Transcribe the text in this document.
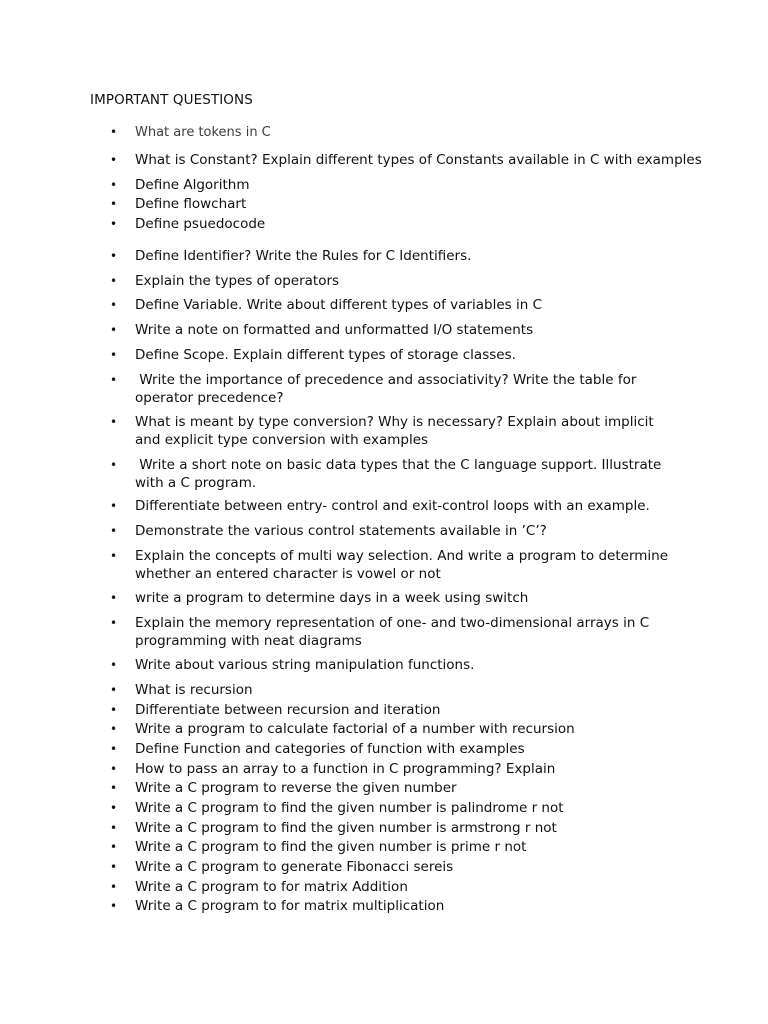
IMPORTANT QUESTIONS
• What are tokens in C
• What is Constant? Explain different types of Constants available in C with examples
• Define Algorithm
• Define flowchart
• Define psuedocode
• Define Identifier? Write the Rules for C Identifiers.
• Explain the types of operators
• Define Variable. Write about different types of variables in C
• Write a note on formatted and unformatted I/O statements
• Define Scope. Explain different types of storage classes.
• Write the importance of precedence and associativity? Write the table for operator precedence?
• What is meant by type conversion? Why is necessary? Explain about implicit and explicit type conversion with examples
• Write a short note on basic data types that the C language support. Illustrate with a C program.
• Differentiate between entry- control and exit-control loops with an example.
• Demonstrate the various control statements available in ’C’?
• Explain the concepts of multi way selection. And write a program to determine whether an entered character is vowel or not
• write a program to determine days in a week using switch
• Explain the memory representation of one- and two-dimensional arrays in C programming with neat diagrams
• Write about various string manipulation functions.
• What is recursion
• Differentiate between recursion and iteration
• Write a program to calculate factorial of a number with recursion
• Define Function and categories of function with examples
• How to pass an array to a function in C programming? Explain
• Write a C program to reverse the given number
• Write a C program to find the given number is palindrome r not
• Write a C program to find the given number is armstrong r not
• Write a C program to find the given number is prime r not
• Write a C program to generate Fibonacci sereis
• Write a C program to for matrix Addition
• Write a C program to for matrix multiplication
